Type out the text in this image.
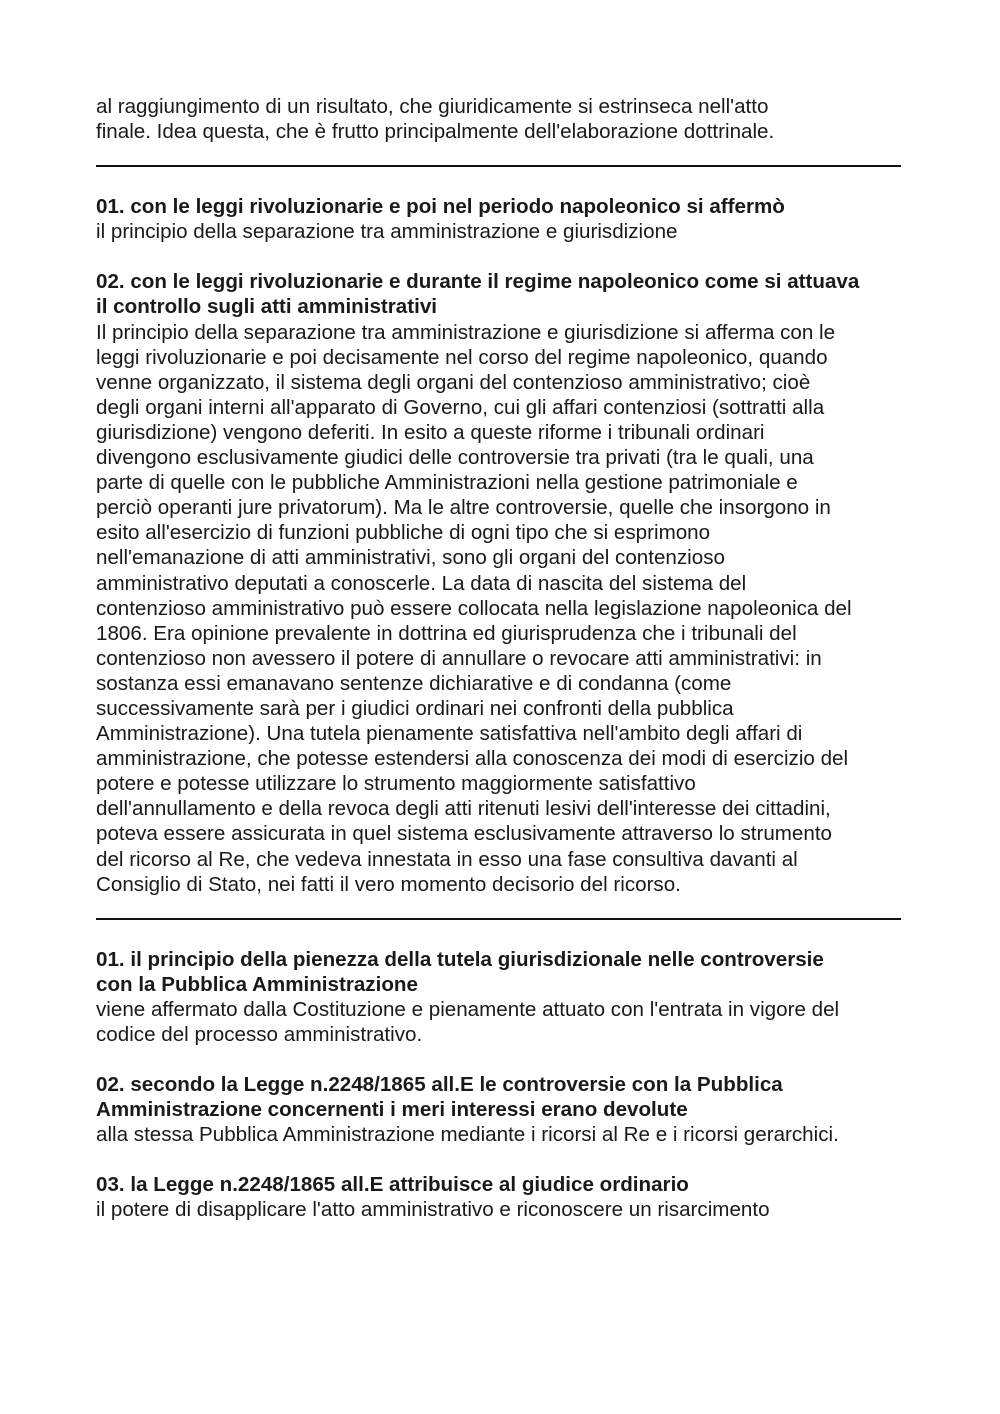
al raggiungimento di un risultato, che giuridicamente si estrinseca nell'atto
finale. Idea questa, che è frutto principalmente dell'elaborazione dottrinale.

01. con le leggi rivoluzionarie e poi nel periodo napoleonico si affermò

il principio della separazione tra amministrazione e giurisdizione

02. con le leggi rivoluzionarie e durante il regime napoleonico come si attuava
il controllo sugli atti amministrativi

Il principio della separazione tra amministrazione e giurisdizione si afferma con le
leggi rivoluzionarie e poi decisamente nel corso del regime napoleonico, quando
venne organizzato, il sistema degli organi del contenzioso amministrativo; cioè
degli organi interni all'apparato di Governo, cui gli affari contenziosi (sottratti alla
giurisdizione) vengono deferiti. In esito a queste riforme i tribunali ordinari
divengono esclusivamente giudici delle controversie tra privati (tra le quali, una
parte di quelle con le pubbliche Amministrazioni nella gestione patrimoniale e
perciò operanti jure privatorum). Ma le altre controversie, quelle che insorgono in
esito all'esercizio di funzioni pubbliche di ogni tipo che si esprimono
nell'emanazione di atti amministrativi, sono gli organi del contenzioso
amministrativo deputati a conoscerle. La data di nascita del sistema del
contenzioso amministrativo può essere collocata nella legislazione napoleonica del
1806. Era opinione prevalente in dottrina ed giurisprudenza che i tribunali del
contenzioso non avessero il potere di annullare o revocare atti amministrativi: in
sostanza essi emanavano sentenze dichiarative e di condanna (come
successivamente sarà per i giudici ordinari nei confronti della pubblica
Amministrazione). Una tutela pienamente satisfattiva nell'ambito degli affari di
amministrazione, che potesse estendersi alla conoscenza dei modi di esercizio del
potere e potesse utilizzare lo strumento maggiormente satisfattivo
dell'annullamento e della revoca degli atti ritenuti lesivi dell'interesse dei cittadini,
poteva essere assicurata in quel sistema esclusivamente attraverso lo strumento
del ricorso al Re, che vedeva innestata in esso una fase consultiva davanti al
Consiglio di Stato, nei fatti il vero momento decisorio del ricorso.

01. il principio della pienezza della tutela giurisdizionale nelle controversie
con la Pubblica Amministrazione

viene affermato dalla Costituzione e pienamente attuato con l'entrata in vigore del
codice del processo amministrativo.

02. secondo la Legge n.2248/1865 all.E le controversie con la Pubblica
Amministrazione concernenti i meri interessi erano devolute

alla stessa Pubblica Amministrazione mediante i ricorsi al Re e i ricorsi gerarchici.

03. la Legge n.2248/1865 all.E attribuisce al giudice ordinario

il potere di disapplicare l'atto amministrativo e riconoscere un risarcimento
